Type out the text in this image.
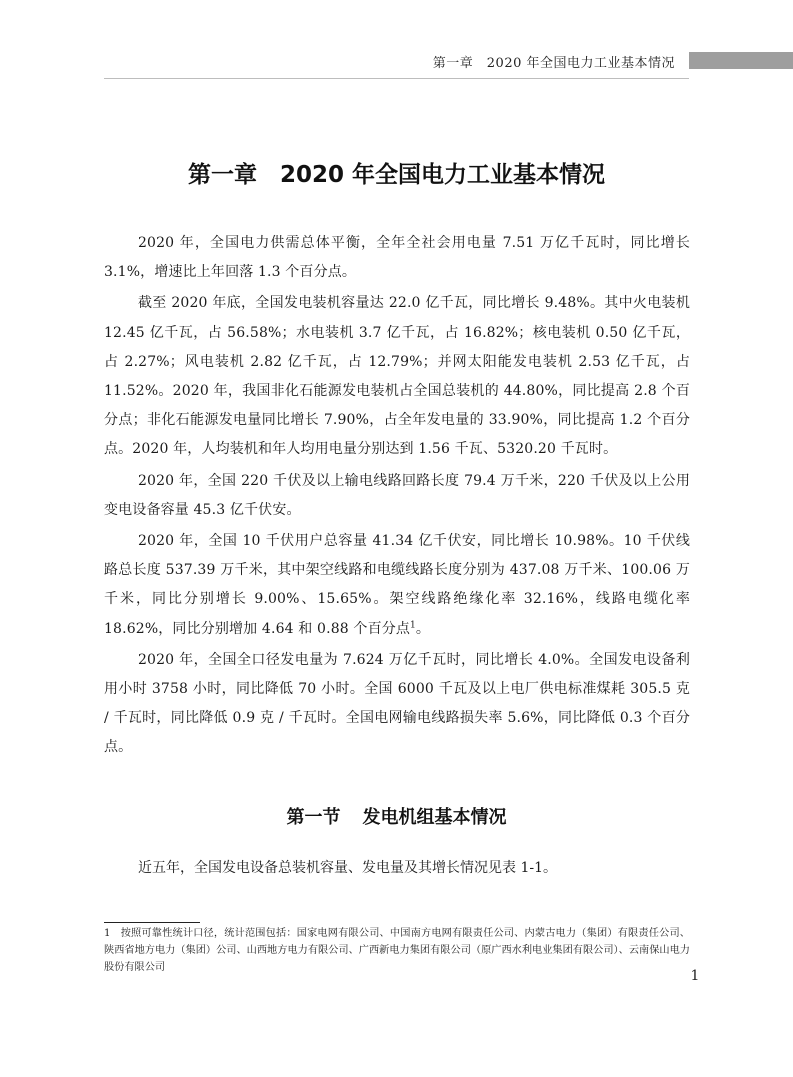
第一章　2020 年全国电力工业基本情况
第一章　2020 年全国电力工业基本情况

2020 年，全国电力供需总体平衡，全年全社会用电量 7.51 万亿千瓦时，同比增长 3.1%，增速比上年回落 1.3 个百分点。

截至 2020 年底，全国发电装机容量达 22.0 亿千瓦，同比增长 9.48%。其中火电装机 12.45 亿千瓦，占 56.58%；水电装机 3.7 亿千瓦，占 16.82%；核电装机 0.50 亿千瓦，占 2.27%；风电装机 2.82 亿千瓦，占 12.79%；并网太阳能发电装机 2.53 亿千瓦，占 11.52%。2020 年，我国非化石能源发电装机占全国总装机的 44.80%，同比提高 2.8 个百分点；非化石能源发电量同比增长 7.90%，占全年发电量的 33.90%，同比提高 1.2 个百分点。2020 年，人均装机和年人均用电量分别达到 1.56 千瓦、5320.20 千瓦时。

2020 年，全国 220 千伏及以上输电线路回路长度 79.4 万千米，220 千伏及以上公用变电设备容量 45.3 亿千伏安。

2020 年，全国 10 千伏用户总容量 41.34 亿千伏安，同比增长 10.98%。10 千伏线路总长度 537.39 万千米，其中架空线路和电缆线路长度分别为 437.08 万千米、100.06 万千米，同比分别增长 9.00%、15.65%。架空线路绝缘化率 32.16%，线路电缆化率 18.62%，同比分别增加 4.64 和 0.88 个百分点$^1$。

2020 年，全国全口径发电量为 7.624 万亿千瓦时，同比增长 4.0%。全国发电设备利用小时 3758 小时，同比降低 70 小时。全国 6000 千瓦及以上电厂供电标准煤耗 305.5 克 / 千瓦时，同比降低 0.9 克 / 千瓦时。全国电网输电线路损失率 5.6%，同比降低 0.3 个百分点。

第一节 发电机组基本情况
近五年，全国发电设备总装机容量、发电量及其增长情况见表 1-1。
1 按照可靠性统计口径，统计范围包括：国家电网有限公司、中国南方电网有限责任公司、内蒙古电力（集团）有限责任公司、陕西省地方电力（集团）公司、山西地方电力有限公司、广西新电力集团有限公司（原广西水利电业集团有限公司）、云南保山电力股份有限公司
1
